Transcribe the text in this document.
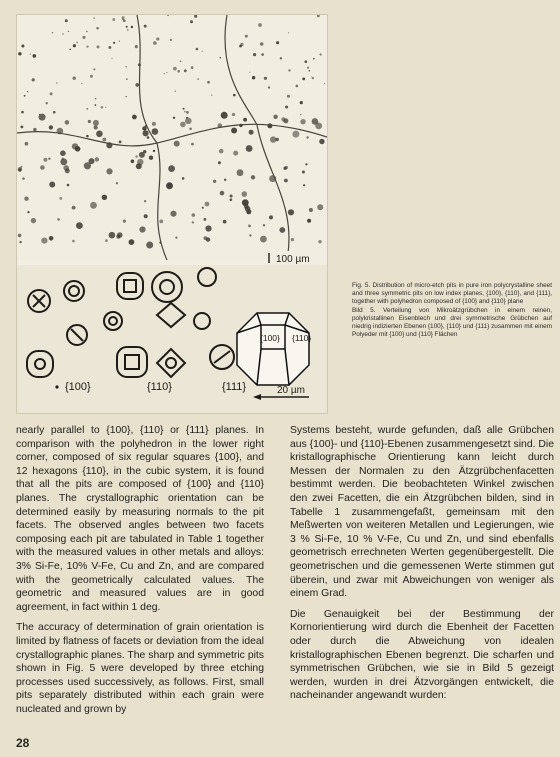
100 µm
{100}	{110}	{111}
{100} {110}
20 µm

Fig. 5. Distribution of micro-etch pits in pure iron polycrystalline sheet and three symmetric pits on low index planes, {100}, {110}, and {111}, together with polyhedron composed of {100} and {110} plane

Bild 5. Verteilung von Mikroätzgrübchen in einem reinen, polykristallinen Eisenblech und drei symmetrische Grübchen auf niedrig indizierten Ebenen {100}, {110} und {111} zusammen mit einem Polyeder mit {100} und {110} Flächen

nearly parallel to {100}, {110} or {111} planes. In comparison with the polyhedron in the lower right corner, composed of six regular squares {100}, and 12 hexagons {110}, in the cubic system, it is found that all the pits are composed of {100} and {110} planes. The crystallographic orientation can be determined easily by measuring normals to the pit facets. The observed angles between two facets composing each pit are tabulated in Table 1 together with the measured values in other metals and alloys: 3% Si-Fe, 10% V-Fe, Cu and Zn, and are compared with the geometrically calculated values. The geometric and measured values are in good agreement, in fact within 1 deg.

The accuracy of determination of grain orientation is limited by flatness of facets or deviation from the ideal crystallographic planes. The sharp and symmetric pits shown in Fig. 5 were developed by three etching processes used successively, as follows. First, small pits separately distributed within each grain were nucleated and grown by

Systems besteht, wurde gefunden, daß alle Grübchen aus {100}- und {110}-Ebenen zusammengesetzt sind. Die kristallographische Orientierung kann leicht durch Messen der Normalen zu den Ätzgrübchenfacetten bestimmt werden. Die beobachteten Winkel zwischen den zwei Facetten, die ein Ätzgrübchen bilden, sind in Tabelle 1 zusammengefaßt, gemeinsam mit den Meßwerten von weiteren Metallen und Legierungen, wie 3 % Si-Fe, 10 % V-Fe, Cu und Zn, und sind ebenfalls geometrisch errechneten Werten gegenübergestellt. Die geometrischen und die gemessenen Werte stimmen gut überein, und zwar mit Abweichungen von weniger als einem Grad.

Die Genauigkeit bei der Bestimmung der Kornorientierung wird durch die Ebenheit der Facetten oder durch die Abweichung von idealen kristallographischen Ebenen begrenzt. Die scharfen und symmetrischen Grübchen, wie sie in Bild 5 gezeigt werden, wurden in drei Ätzvorgängen entwickelt, die nacheinander angewandt wurden:

28
